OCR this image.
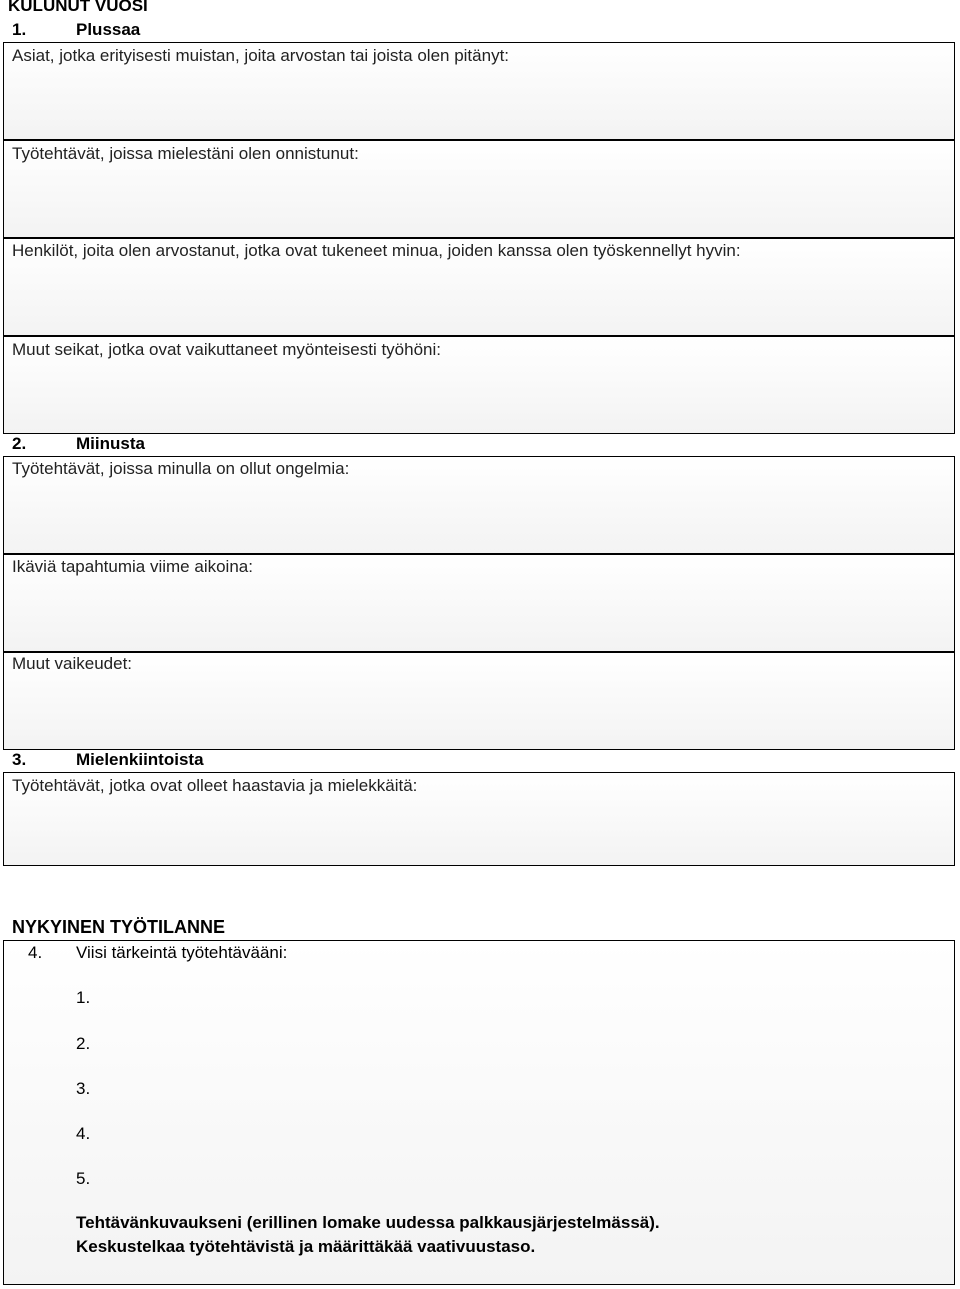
KULUNUT VUOSI
1.	Plussaa
Asiat, jotka erityisesti muistan, joita arvostan tai joista olen pitänyt:
Työtehtävät, joissa mielestäni olen onnistunut:
Henkilöt, joita olen arvostanut, jotka ovat tukeneet minua, joiden kanssa olen työskennellyt hyvin:
Muut seikat, jotka ovat vaikuttaneet myönteisesti työhöni:
2.	Miinusta
Työtehtävät, joissa minulla on ollut ongelmia:
Ikäviä tapahtumia viime aikoina:
Muut vaikeudet:
3.	Mielenkiintoista
Työtehtävät, jotka ovat olleet haastavia ja mielekkäitä:
NYKYINEN TYÖTILANNE
4. Viisi tärkeintä työtehtävääni:
1.
2.
3.
4.
5.
Tehtävänkuvaukseni (erillinen lomake uudessa palkkausjärjestelmässä).
Keskustelkaa työtehtävistä ja määrittäkää vaativuustaso.
